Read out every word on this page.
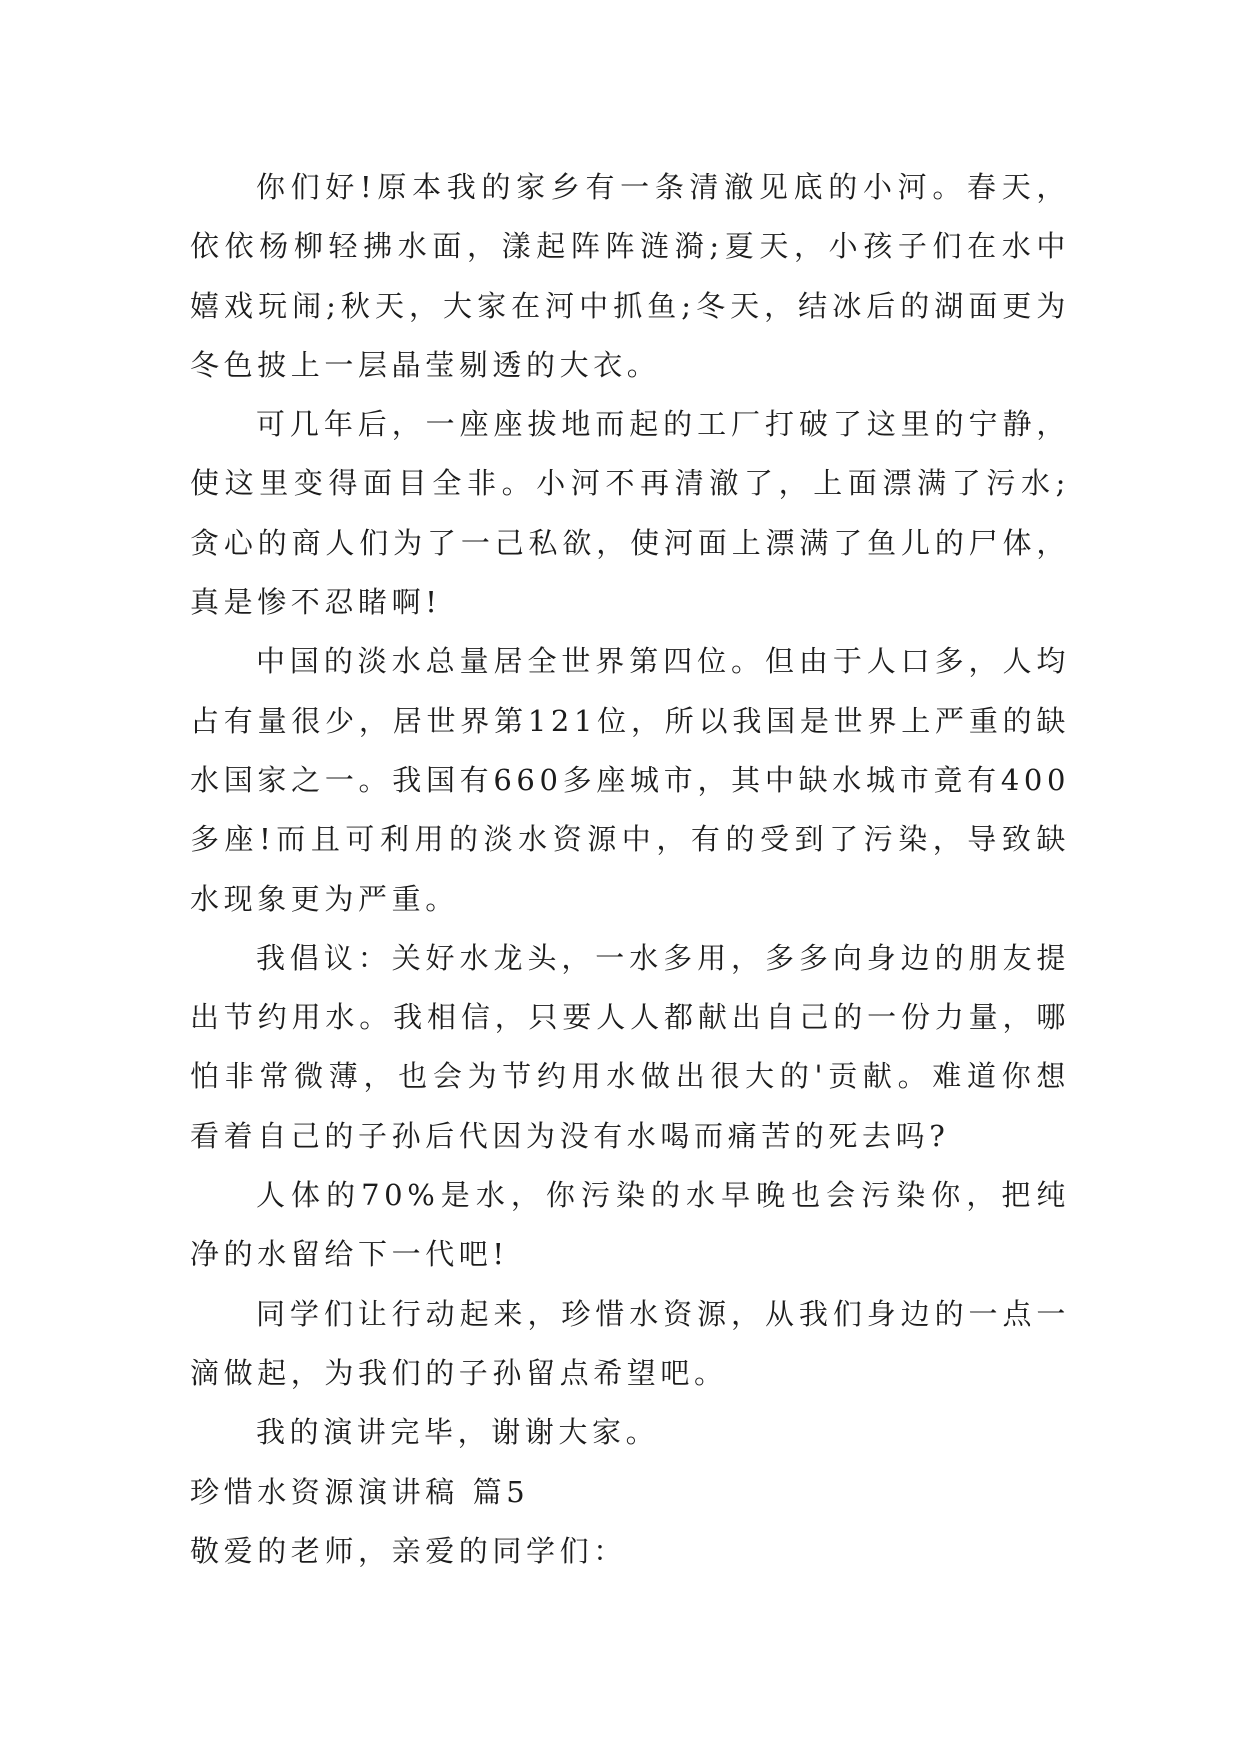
你们好!原本我的家乡有一条清澈见底的小河。春天，依依杨柳轻拂水面，漾起阵阵涟漪;夏天，小孩子们在水中嬉戏玩闹;秋天，大家在河中抓鱼;冬天，结冰后的湖面更为冬色披上一层晶莹剔透的大衣。

可几年后，一座座拔地而起的工厂打破了这里的宁静，使这里变得面目全非。小河不再清澈了，上面漂满了污水;贪心的商人们为了一己私欲，使河面上漂满了鱼儿的尸体，真是惨不忍睹啊!

中国的淡水总量居全世界第四位。但由于人口多，人均占有量很少，居世界第121位，所以我国是世界上严重的缺水国家之一。我国有660多座城市，其中缺水城市竟有400多座!而且可利用的淡水资源中，有的受到了污染，导致缺水现象更为严重。

我倡议：关好水龙头，一水多用，多多向身边的朋友提出节约用水。我相信，只要人人都献出自己的一份力量，哪怕非常微薄，也会为节约用水做出很大的'贡献。难道你想看着自己的子孙后代因为没有水喝而痛苦的死去吗?

人体的70%是水，你污染的水早晚也会污染你，把纯净的水留给下一代吧!

同学们让行动起来，珍惜水资源，从我们身边的一点一滴做起，为我们的子孙留点希望吧。

我的演讲完毕，谢谢大家。

珍惜水资源演讲稿 篇5

敬爱的老师，亲爱的同学们：
